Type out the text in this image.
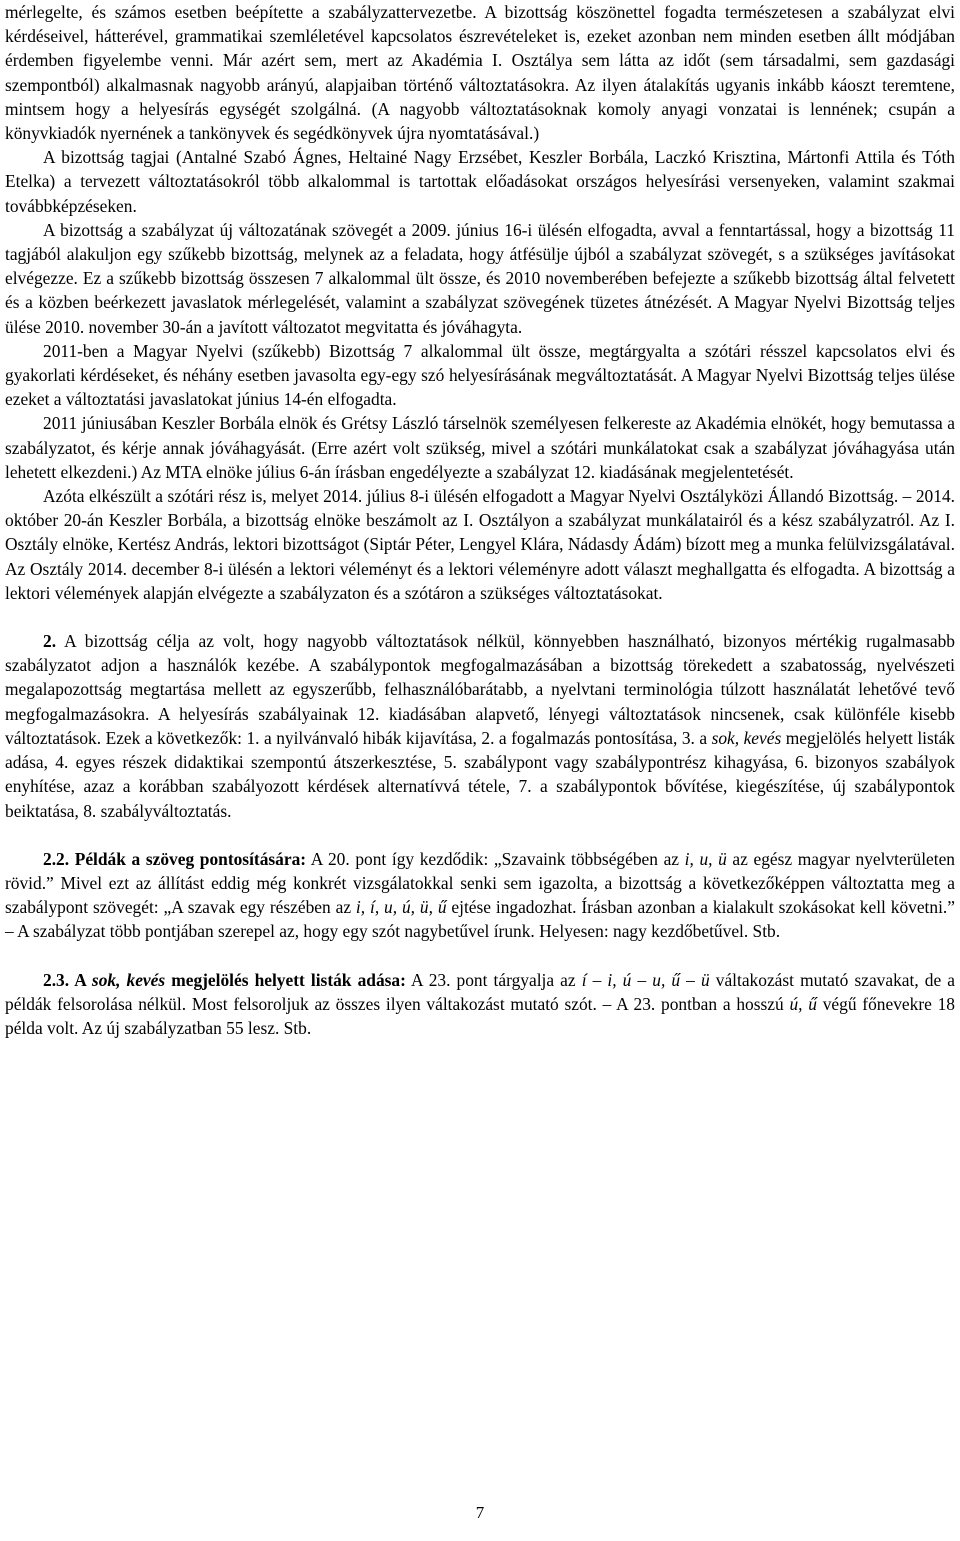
mérlegelte, és számos esetben beépítette a szabályzattervezetbe. A bizottság köszönettel fogadta természetesen a szabályzat elvi kérdéseivel, hátterével, grammatikai szemléletével kapcsolatos észrevételeket is, ezeket azonban nem minden esetben állt módjában érdemben figyelembe venni. Már azért sem, mert az Akadémia I. Osztálya sem látta az időt (sem társadalmi, sem gazdasági szempontból) alkalmasnak nagyobb arányú, alapjaiban történő változtatásokra. Az ilyen átalakítás ugyanis inkább káoszt teremtene, mintsem hogy a helyesírás egységét szolgálná. (A nagyobb változtatásoknak komoly anyagi vonzatai is lennének; csupán a könyvkiadók nyernének a tankönyvek és segédkönyvek újra nyomtatásával.)

A bizottság tagjai (Antalné Szabó Ágnes, Heltainé Nagy Erzsébet, Keszler Borbála, Laczkó Krisztina, Mártonfi Attila és Tóth Etelka) a tervezett változtatásokról több alkalommal is tartottak előadásokat országos helyesírási versenyeken, valamint szakmai továbbképzéseken.

A bizottság a szabályzat új változatának szövegét a 2009. június 16-i ülésén elfogadta, avval a fenntartással, hogy a bizottság 11 tagjából alakuljon egy szűkebb bizottság, melynek az a feladata, hogy átfésülje újból a szabályzat szövegét, s a szükséges javításokat elvégezze. Ez a szűkebb bizottság összesen 7 alkalommal ült össze, és 2010 novemberében befejezte a szűkebb bizottság által felvetett és a közben beérkezett javaslatok mérlegelését, valamint a szabályzat szövegének tüzetes átnézését. A Magyar Nyelvi Bizottság teljes ülése 2010. november 30-án a javított változatot megvitatta és jóváhagyta.

2011-ben a Magyar Nyelvi (szűkebb) Bizottság 7 alkalommal ült össze, megtárgyalta a szótári résszel kapcsolatos elvi és gyakorlati kérdéseket, és néhány esetben javasolta egy-egy szó helyesírásának megváltoztatását. A Magyar Nyelvi Bizottság teljes ülése ezeket a változtatási javaslatokat június 14-én elfogadta.

2011 júniusában Keszler Borbála elnök és Grétsy László társelnök személyesen felkereste az Akadémia elnökét, hogy bemutassa a szabályzatot, és kérje annak jóváhagyását. (Erre azért volt szükség, mivel a szótári munkálatokat csak a szabályzat jóváhagyása után lehetett elkezdeni.) Az MTA elnöke július 6-án írásban engedélyezte a szabályzat 12. kiadásának megjelentetését.

Azóta elkészült a szótári rész is, melyet 2014. július 8-i ülésén elfogadott a Magyar Nyelvi Osztályközi Állandó Bizottság. – 2014. október 20-án Keszler Borbála, a bizottság elnöke beszámolt az I. Osztályon a szabályzat munkálatairól és a kész szabályzatról. Az I. Osztály elnöke, Kertész András, lektori bizottságot (Siptár Péter, Lengyel Klára, Nádasdy Ádám) bízott meg a munka felülvizsgálatával. Az Osztály 2014. december 8-i ülésén a lektori véleményt és a lektori véleményre adott választ meghallgatta és elfogadta. A bizottság a lektori vélemények alapján elvégezte a szabályzaton és a szótáron a szükséges változtatásokat.

2. A bizottság célja az volt, hogy nagyobb változtatások nélkül, könnyebben használható, bizonyos mértékig rugalmasabb szabályzatot adjon a használók kezébe. A szabálypontok megfogalmazásában a bizottság törekedett a szabatosság, nyelvészeti megalapozottság megtartása mellett az egyszerűbb, felhasználóbarátabb, a nyelvtani terminológia túlzott használatát lehetővé tevő megfogalmazásokra. A helyesírás szabályainak 12. kiadásában alapvető, lényegi változtatások nincsenek, csak különféle kisebb változtatások. Ezek a következők: 1. a nyilvánvaló hibák kijavítása, 2. a fogalmazás pontosítása, 3. a sok, kevés megjelölés helyett listák adása, 4. egyes részek didaktikai szempontú átszerkesztése, 5. szabálypont vagy szabálypontrész kihagyása, 6. bizonyos szabályok enyhítése, azaz a korábban szabályozott kérdések alternatívvá tétele, 7. a szabálypontok bővítése, kiegészítése, új szabálypontok beiktatása, 8. szabályváltoztatás.

2.2. Példák a szöveg pontosítására: A 20. pont így kezdődik: „Szavaink többségében az i, u, ü az egész magyar nyelvterületen rövid.” Mivel ezt az állítást eddig még konkrét vizsgálatokkal senki sem igazolta, a bizottság a következőképpen változtatta meg a szabálypont szövegét: „A szavak egy részében az i, í, u, ú, ü, ű ejtése ingadozhat. Írásban azonban a kialakult szokásokat kell követni.” – A szabályzat több pontjában szerepel az, hogy egy szót nagybetűvel írunk. Helyesen: nagy kezdőbetűvel. Stb.

2.3. A sok, kevés megjelölés helyett listák adása: A 23. pont tárgyalja az í – i, ú – u, ű – ü váltakozást mutató szavakat, de a példák felsorolása nélkül. Most felsoroljuk az összes ilyen váltakozást mutató szót. – A 23. pontban a hosszú ú, ű végű főnevekre 18 példa volt. Az új szabályzatban 55 lesz. Stb.

7
